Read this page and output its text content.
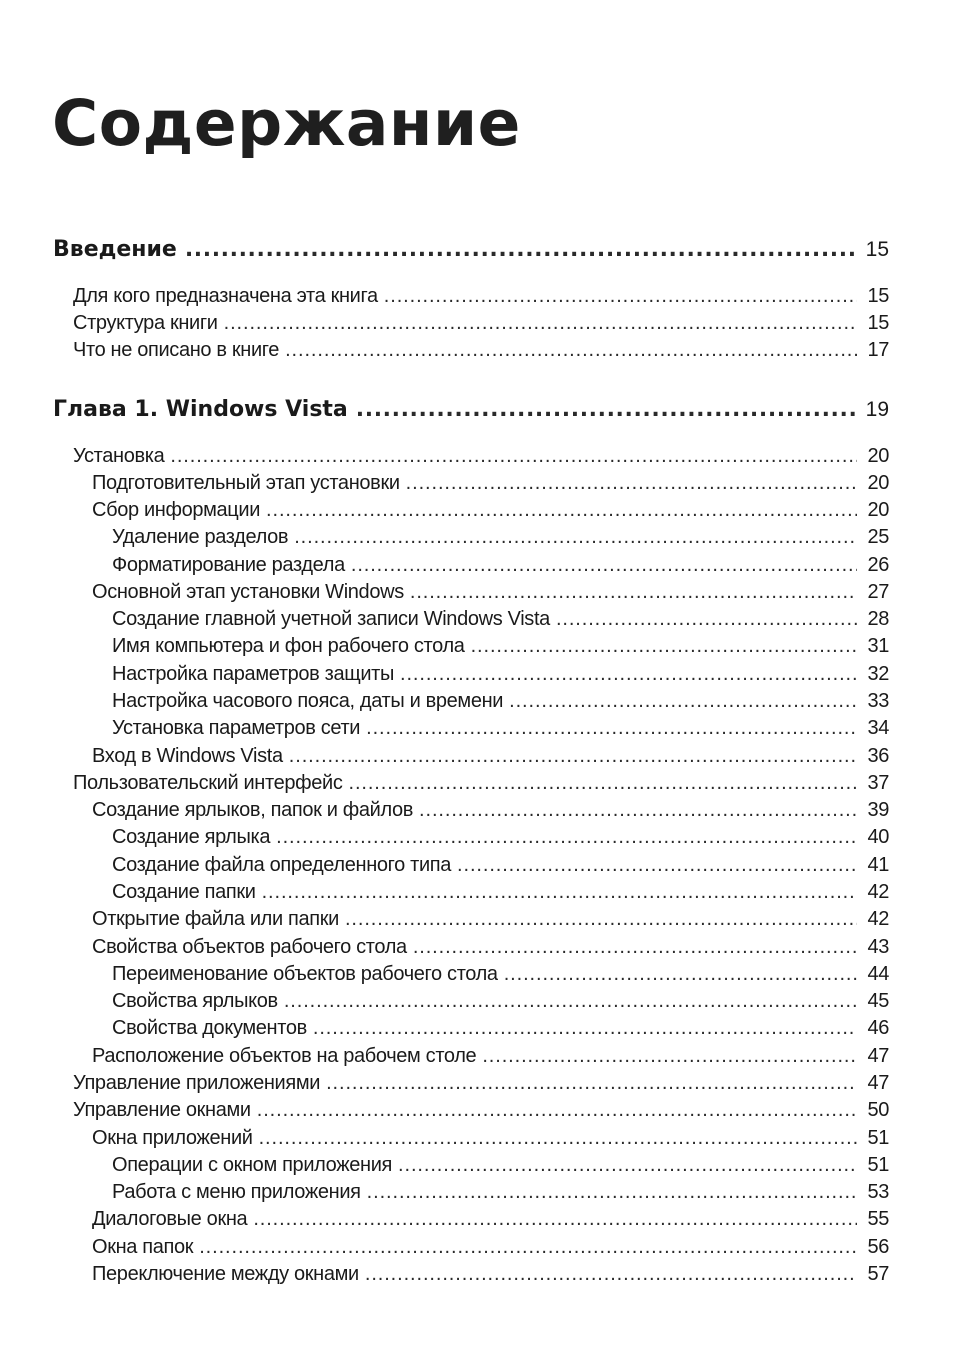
Содержание
Введение .....	15
Для кого предназначена эта книга .....	15
Структура книги .....	15
Что не описано в книге .....	17
Глава 1. Windows Vista .....	19
Установка .....	20
Подготовительный этап установки .....	20
Сбор информации .....	20
Удаление разделов .....	25
Форматирование раздела .....	26
Основной этап установки Windows .....	27
Создание главной учетной записи Windows Vista .....	28
Имя компьютера и фон рабочего стола .....	31
Настройка параметров защиты .....	32
Настройка часового пояса, даты и времени .....	33
Установка параметров сети .....	34
Вход в Windows Vista .....	36
Пользовательский интерфейс .....	37
Создание ярлыков, папок и файлов .....	39
Создание ярлыка .....	40
Создание файла определенного типа .....	41
Создание папки .....	42
Открытие файла или папки .....	42
Свойства объектов рабочего стола .....	43
Переименование объектов рабочего стола .....	44
Свойства ярлыков .....	45
Свойства документов .....	46
Расположение объектов на рабочем столе .....	47
Управление приложениями .....	47
Управление окнами .....	50
Окна приложений .....	51
Операции с окном приложения .....	51
Работа с меню приложения .....	53
Диалоговые окна .....	55
Окна папок .....	56
Переключение между окнами .....	57
